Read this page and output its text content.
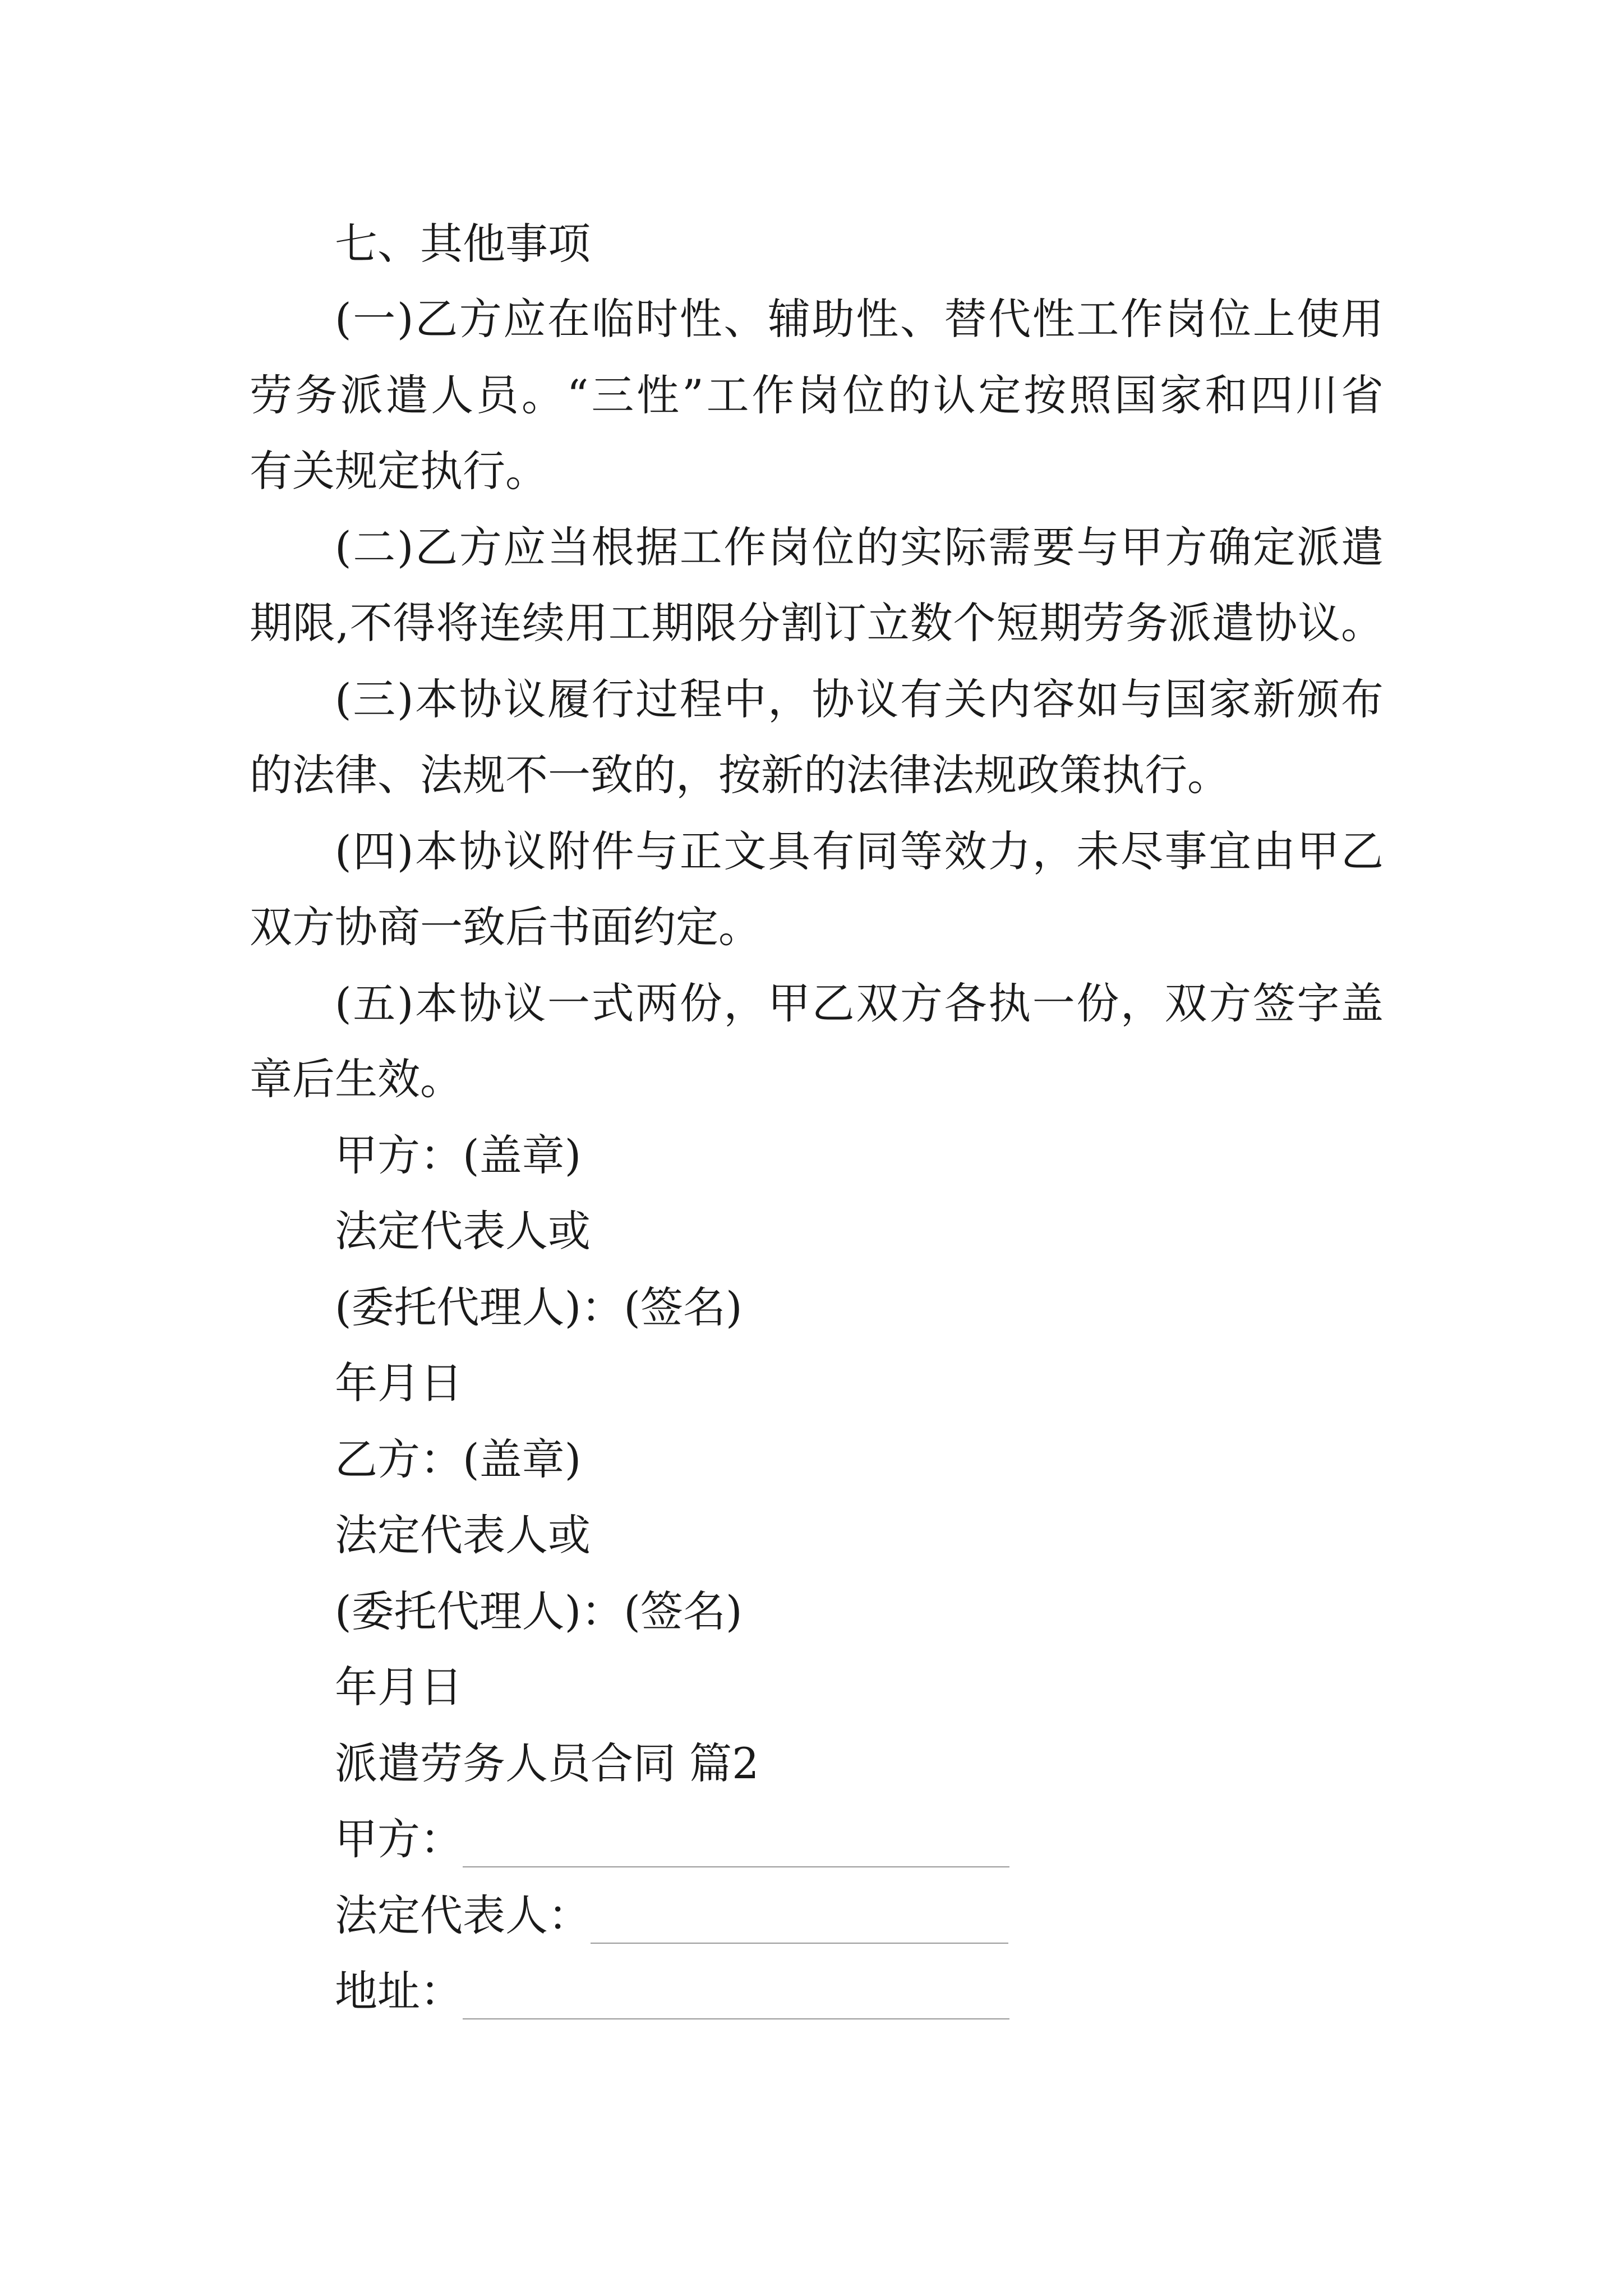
七、其他事项
(一)乙方应在临时性、辅助性、替代性工作岗位上使用
劳务派遣人员。“三性”工作岗位的认定按照国家和四川省
有关规定执行。
(二)乙方应当根据工作岗位的实际需要与甲方确定派遣
期限,不得将连续用工期限分割订立数个短期劳务派遣协议。
(三)本协议履行过程中，协议有关内容如与国家新颁布
的法律、法规不一致的，按新的法律法规政策执行。
(四)本协议附件与正文具有同等效力，未尽事宜由甲乙
双方协商一致后书面约定。
(五)本协议一式两份，甲乙双方各执一份，双方签字盖
章后生效。
甲方：(盖章)
法定代表人或
(委托代理人)：(签名)
年月日
乙方：(盖章)
法定代表人或
(委托代理人)：(签名)
年月日
派遣劳务人员合同 篇2
甲方：
法定代表人：
地址：
